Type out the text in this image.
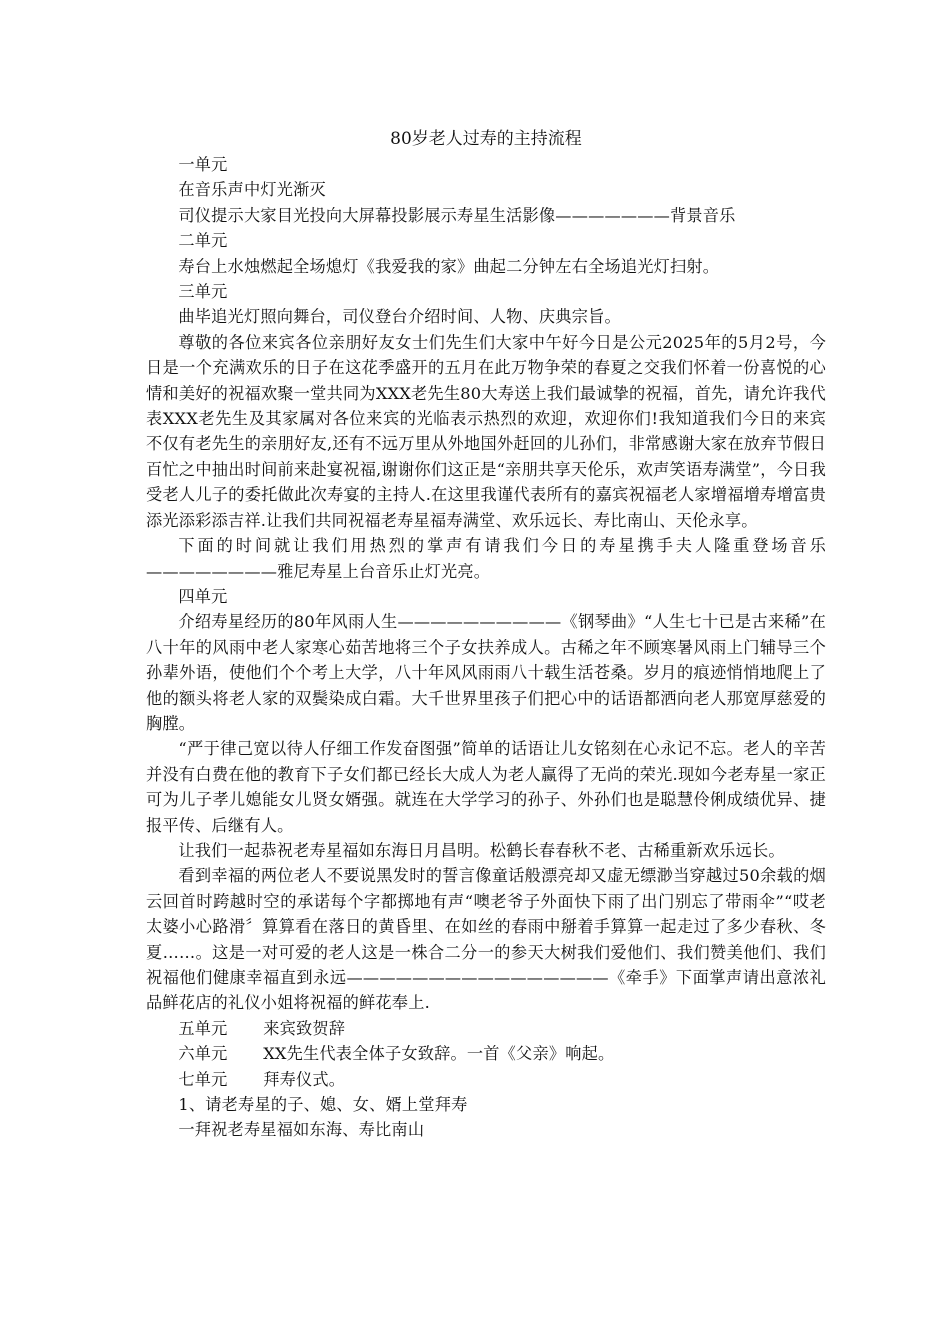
80岁老人过寿的主持流程

一单元

在音乐声中灯光渐灭

司仪提示大家目光投向大屏幕投影展示寿星生活影像———————背景音乐

二单元

寿台上水烛燃起全场熄灯《我爱我的家》曲起二分钟左右全场追光灯扫射。

三单元

曲毕追光灯照向舞台，司仪登台介绍时间、人物、庆典宗旨。

尊敬的各位来宾各位亲朋好友女士们先生们大家中午好今日是公元2025年的5月2号，今日是一个充满欢乐的日子在这花季盛开的五月在此万物争荣的春夏之交我们怀着一份喜悦的心情和美好的祝福欢聚一堂共同为XXX老先生80大寿送上我们最诚挚的祝福，首先，请允许我代表XXX老先生及其家属对各位来宾的光临表示热烈的欢迎，欢迎你们!我知道我们今日的来宾不仅有老先生的亲朋好友,还有不远万里从外地国外赶回的儿孙们，非常感谢大家在放弃节假日百忙之中抽出时间前来赴宴祝福,谢谢你们这正是“亲朋共享天伦乐，欢声笑语寿满堂”，今日我受老人儿子的委托做此次寿宴的主持人.在这里我谨代表所有的嘉宾祝福老人家增福增寿增富贵添光添彩添吉祥.让我们共同祝福老寿星福寿满堂、欢乐远长、寿比南山、天伦永享。

下面的时间就让我们用热烈的掌声有请我们今日的寿星携手夫人隆重登场音乐————————雅尼寿星上台音乐止灯光亮。

四单元

介绍寿星经历的80年风雨人生——————————《钢琴曲》“人生七十已是古来稀”在八十年的风雨中老人家寒心茹苦地将三个子女扶养成人。古稀之年不顾寒暑风雨上门辅导三个孙辈外语，使他们个个考上大学，八十年风风雨雨八十载生活苍桑。岁月的痕迹悄悄地爬上了他的额头将老人家的双鬓染成白霜。大千世界里孩子们把心中的话语都洒向老人那宽厚慈爱的胸膛。

“严于律己宽以待人仔细工作发奋图强”简单的话语让儿女铭刻在心永记不忘。老人的辛苦并没有白费在他的教育下子女们都已经长大成人为老人赢得了无尚的荣光.现如今老寿星一家正可为儿子孝儿媳能女儿贤女婿强。就连在大学学习的孙子、外孙们也是聪慧伶俐成绩优异、捷报平传、后继有人。

让我们一起恭祝老寿星福如东海日月昌明。松鹤长春春秋不老、古稀重新欢乐远长。

看到幸福的两位老人不要说黑发时的誓言像童话般漂亮却又虚无缥渺当穿越过50余载的烟云回首时跨越时空的承诺每个字都掷地有声“噢老爷子外面快下雨了出门别忘了带雨伞”“哎老太婆小心路滑〞算算看在落日的黄昏里、在如丝的春雨中掰着手算算一起走过了多少春秋、冬夏……。这是一对可爱的老人这是一株合二分一的参天大树我们爱他们、我们赞美他们、我们祝福他们健康幸福直到永远————————————————《牵手》下面掌声请出意浓礼品鲜花店的礼仪小姐将祝福的鲜花奉上.

五单元 来宾致贺辞

六单元 XX先生代表全体子女致辞。一首《父亲》响起。

七单元 拜寿仪式。

1、请老寿星的子、媳、女、婿上堂拜寿

一拜祝老寿星福如东海、寿比南山
